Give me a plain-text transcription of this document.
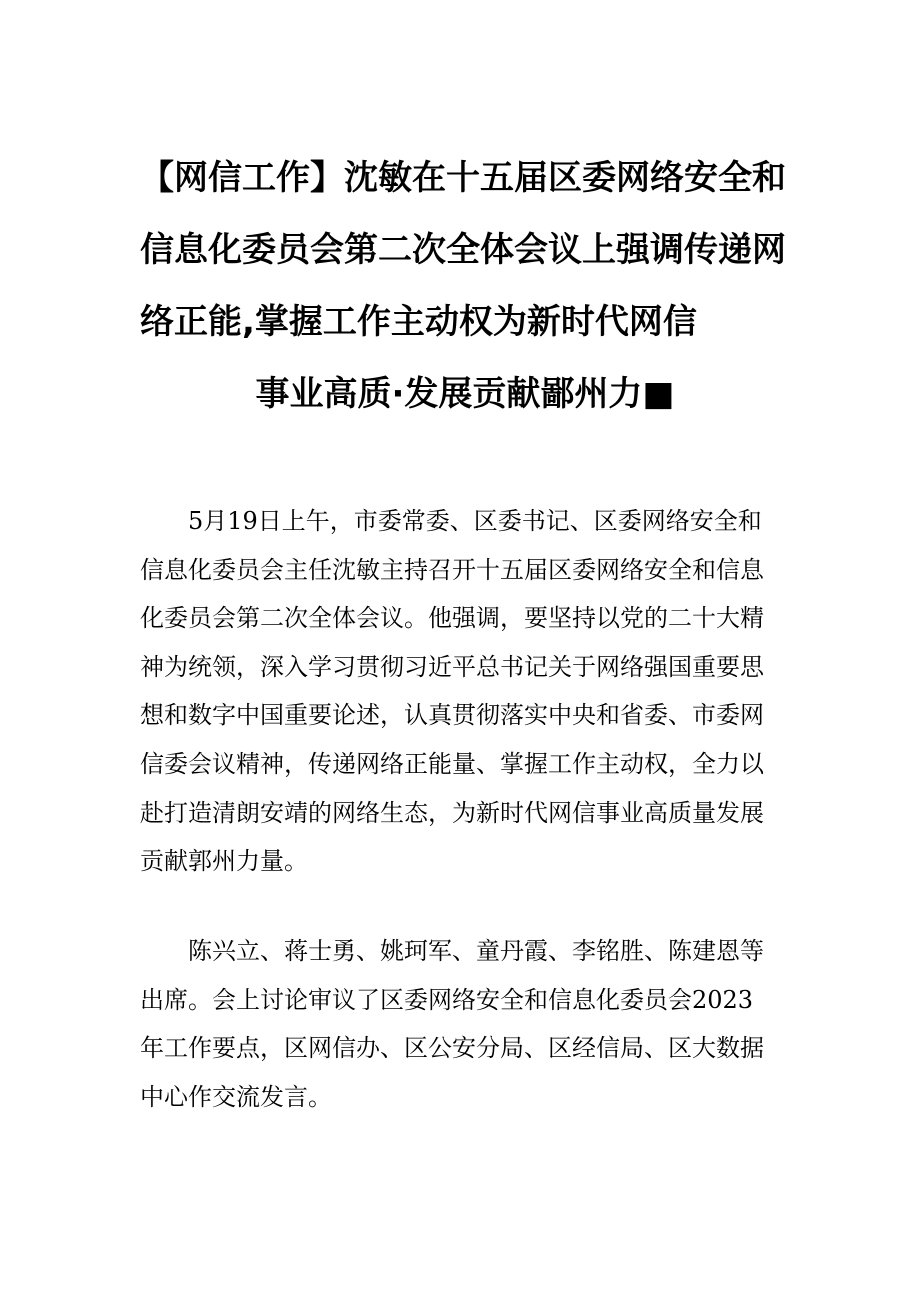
【网信工作】沈敏在十五届区委网络安全和
信息化委员会第二次全体会议上强调传递网
络正能,掌握工作主动权为新时代网信
事业高质·发展贡献鄙州力■
5月19日上午，市委常委、区委书记、区委网络安全和
信息化委员会主任沈敏主持召开十五届区委网络安全和信息
化委员会第二次全体会议。他强调，要坚持以党的二十大精
神为统领，深入学习贯彻习近平总书记关于网络强国重要思
想和数字中国重要论述，认真贯彻落实中央和省委、市委网
信委会议精神，传递网络正能量、掌握工作主动权，全力以
赴打造清朗安靖的网络生态，为新时代网信事业高质量发展
贡献郭州力量。
陈兴立、蒋士勇、姚珂军、童丹霞、李铭胜、陈建恩等
出席。会上讨论审议了区委网络安全和信息化委员会2023
年工作要点，区网信办、区公安分局、区经信局、区大数据
中心作交流发言。
